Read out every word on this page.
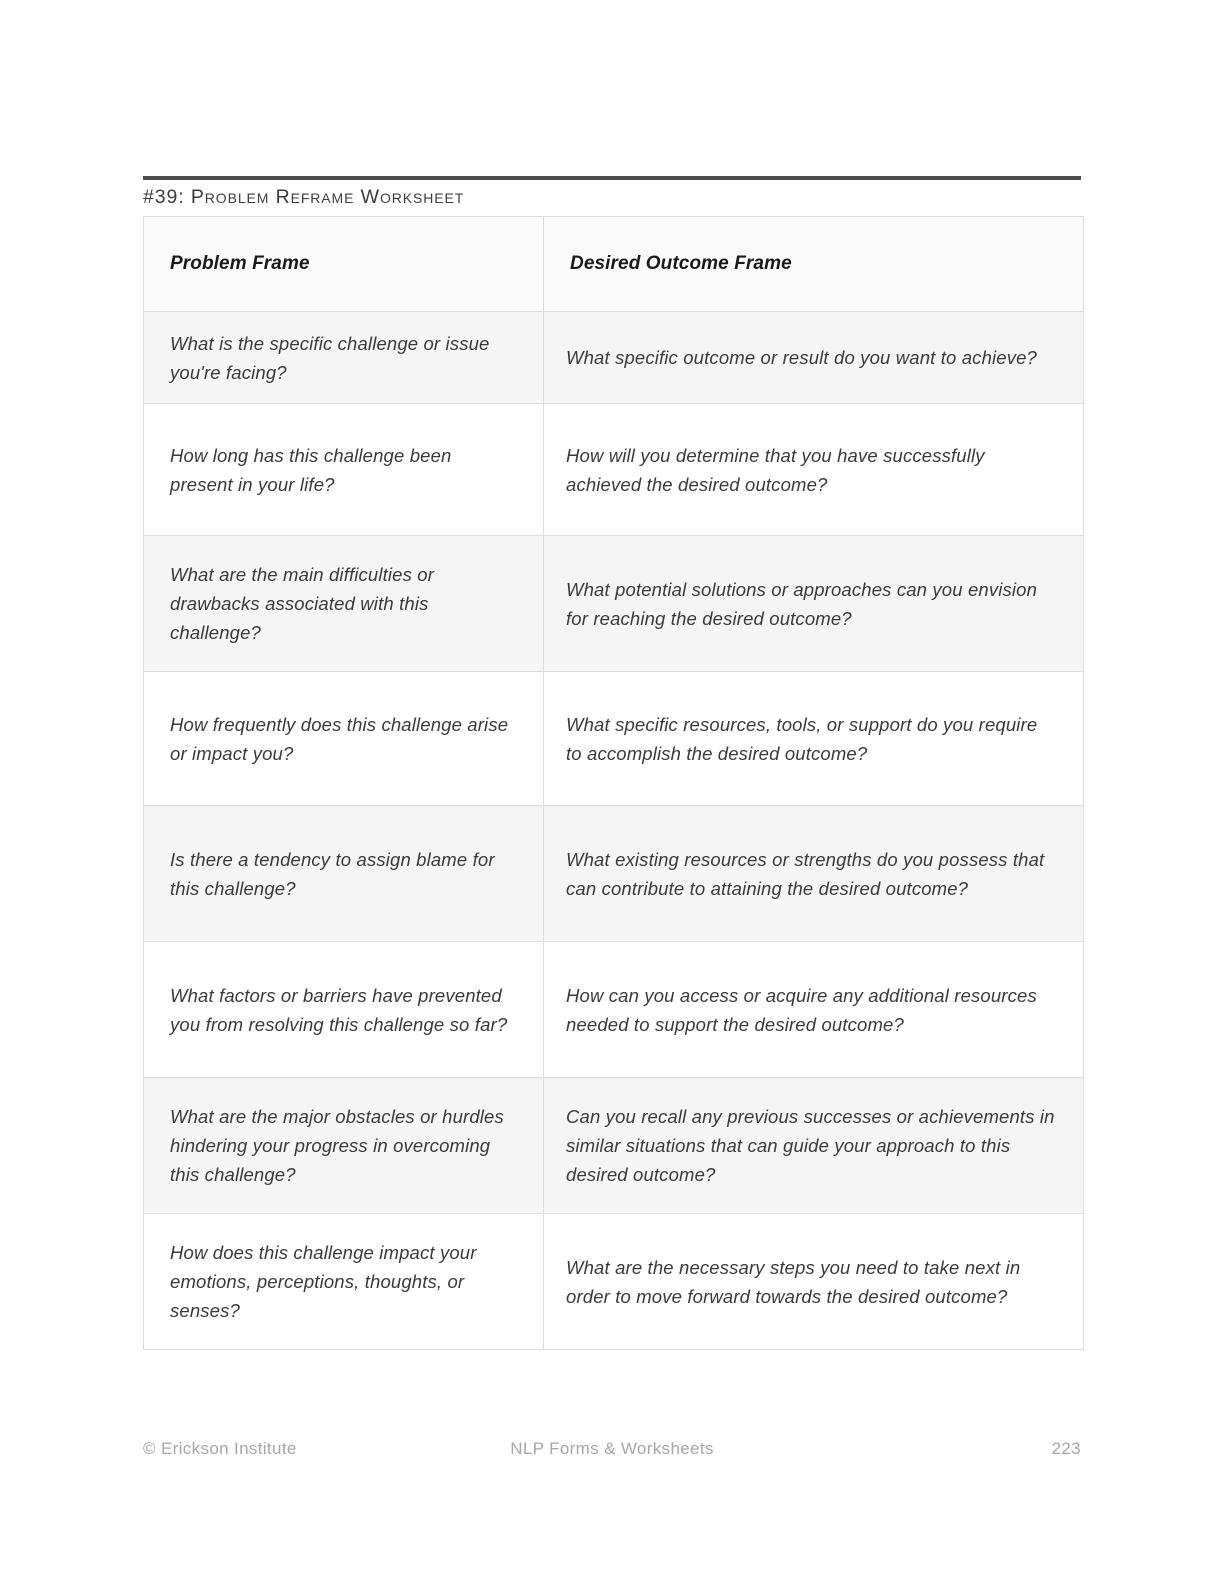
#39: Problem Reframe Worksheet
Problem Frame	Desired Outcome Frame
What is the specific challenge or issue you're facing?	What specific outcome or result do you want to achieve?
How long has this challenge been present in your life?	How will you determine that you have successfully achieved the desired outcome?
What are the main difficulties or drawbacks associated with this challenge?	What potential solutions or approaches can you envision for reaching the desired outcome?
How frequently does this challenge arise or impact you?	What specific resources, tools, or support do you require to accomplish the desired outcome?
Is there a tendency to assign blame for this challenge?	What existing resources or strengths do you possess that can contribute to attaining the desired outcome?
What factors or barriers have prevented you from resolving this challenge so far?	How can you access or acquire any additional resources needed to support the desired outcome?
What are the major obstacles or hurdles hindering your progress in overcoming this challenge?	Can you recall any previous successes or achievements in similar situations that can guide your approach to this desired outcome?
How does this challenge impact your emotions, perceptions, thoughts, or senses?	What are the necessary steps you need to take next in order to move forward towards the desired outcome?
© Erickson Institute	NLP Forms & Worksheets	223
